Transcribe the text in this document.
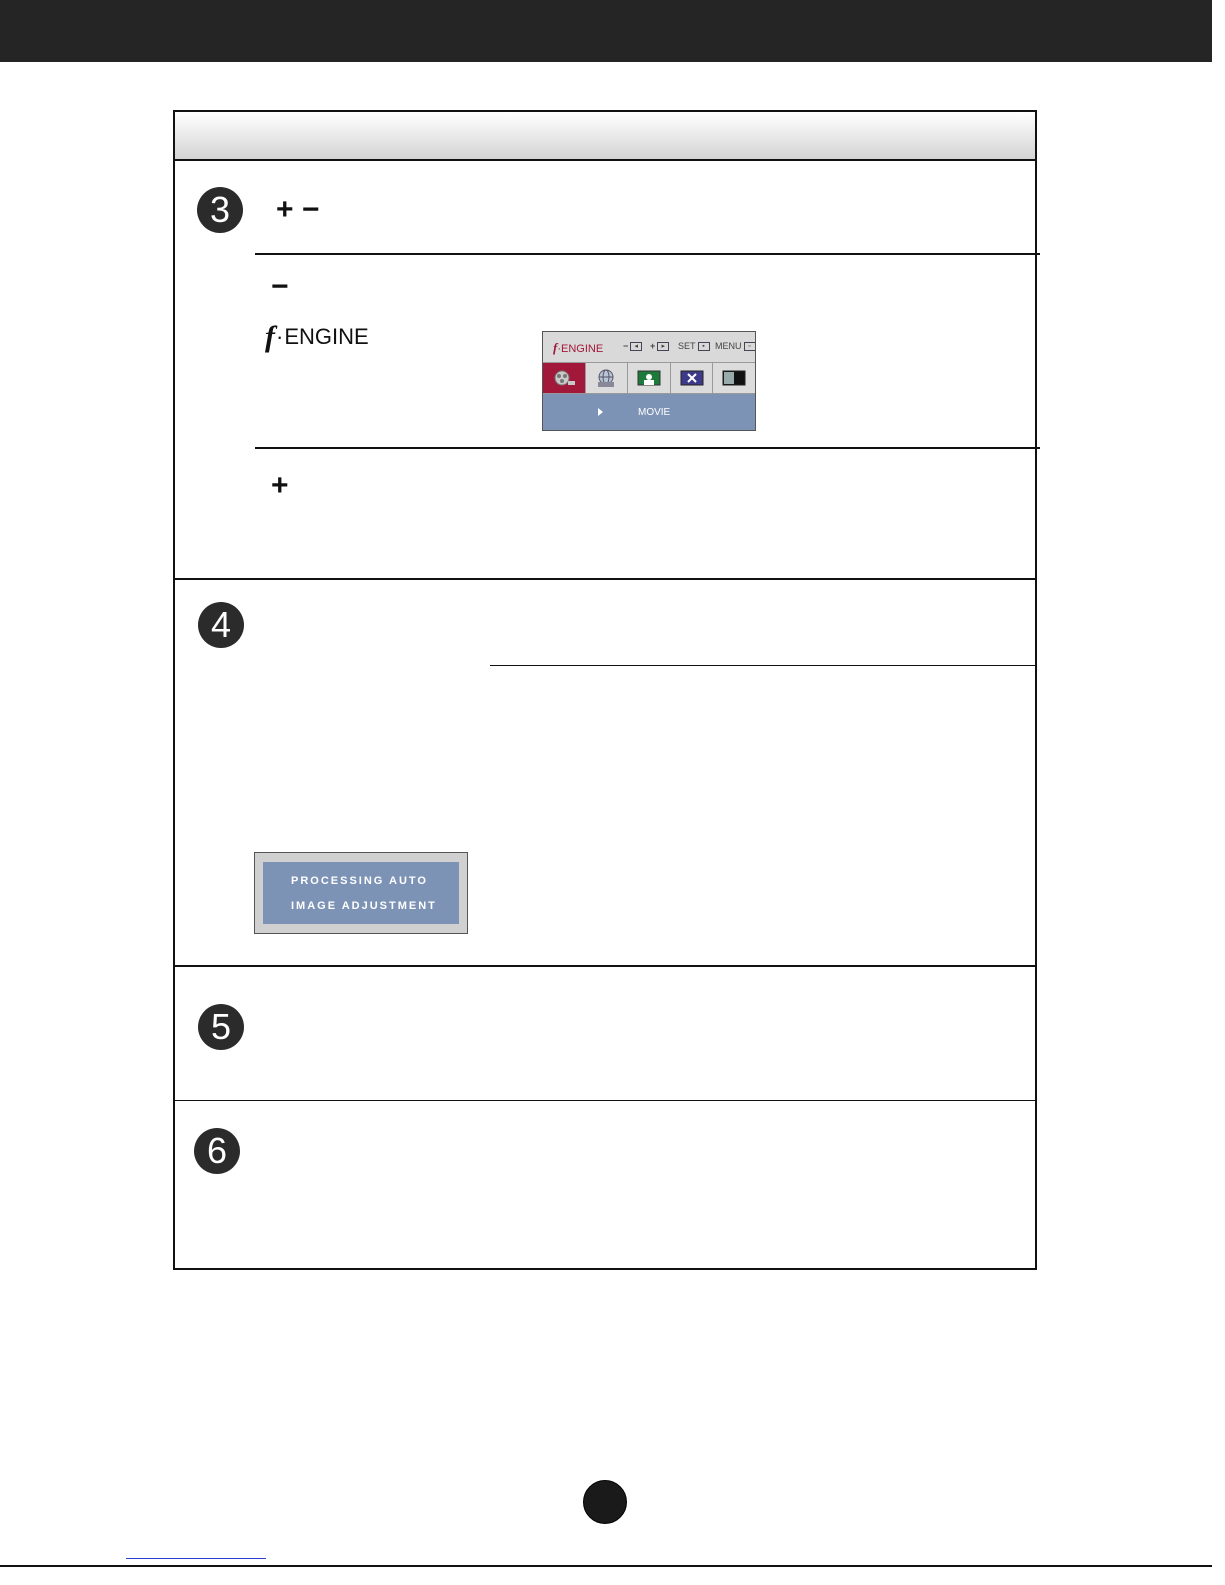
3
4
5
6
+ −
−
f · ENGINE	f·ENGINE − ◂	+ ▸	SET ▪	MENU ▫
MOVIE
+
PROCESSING AUTO
IMAGE ADJUSTMENT
